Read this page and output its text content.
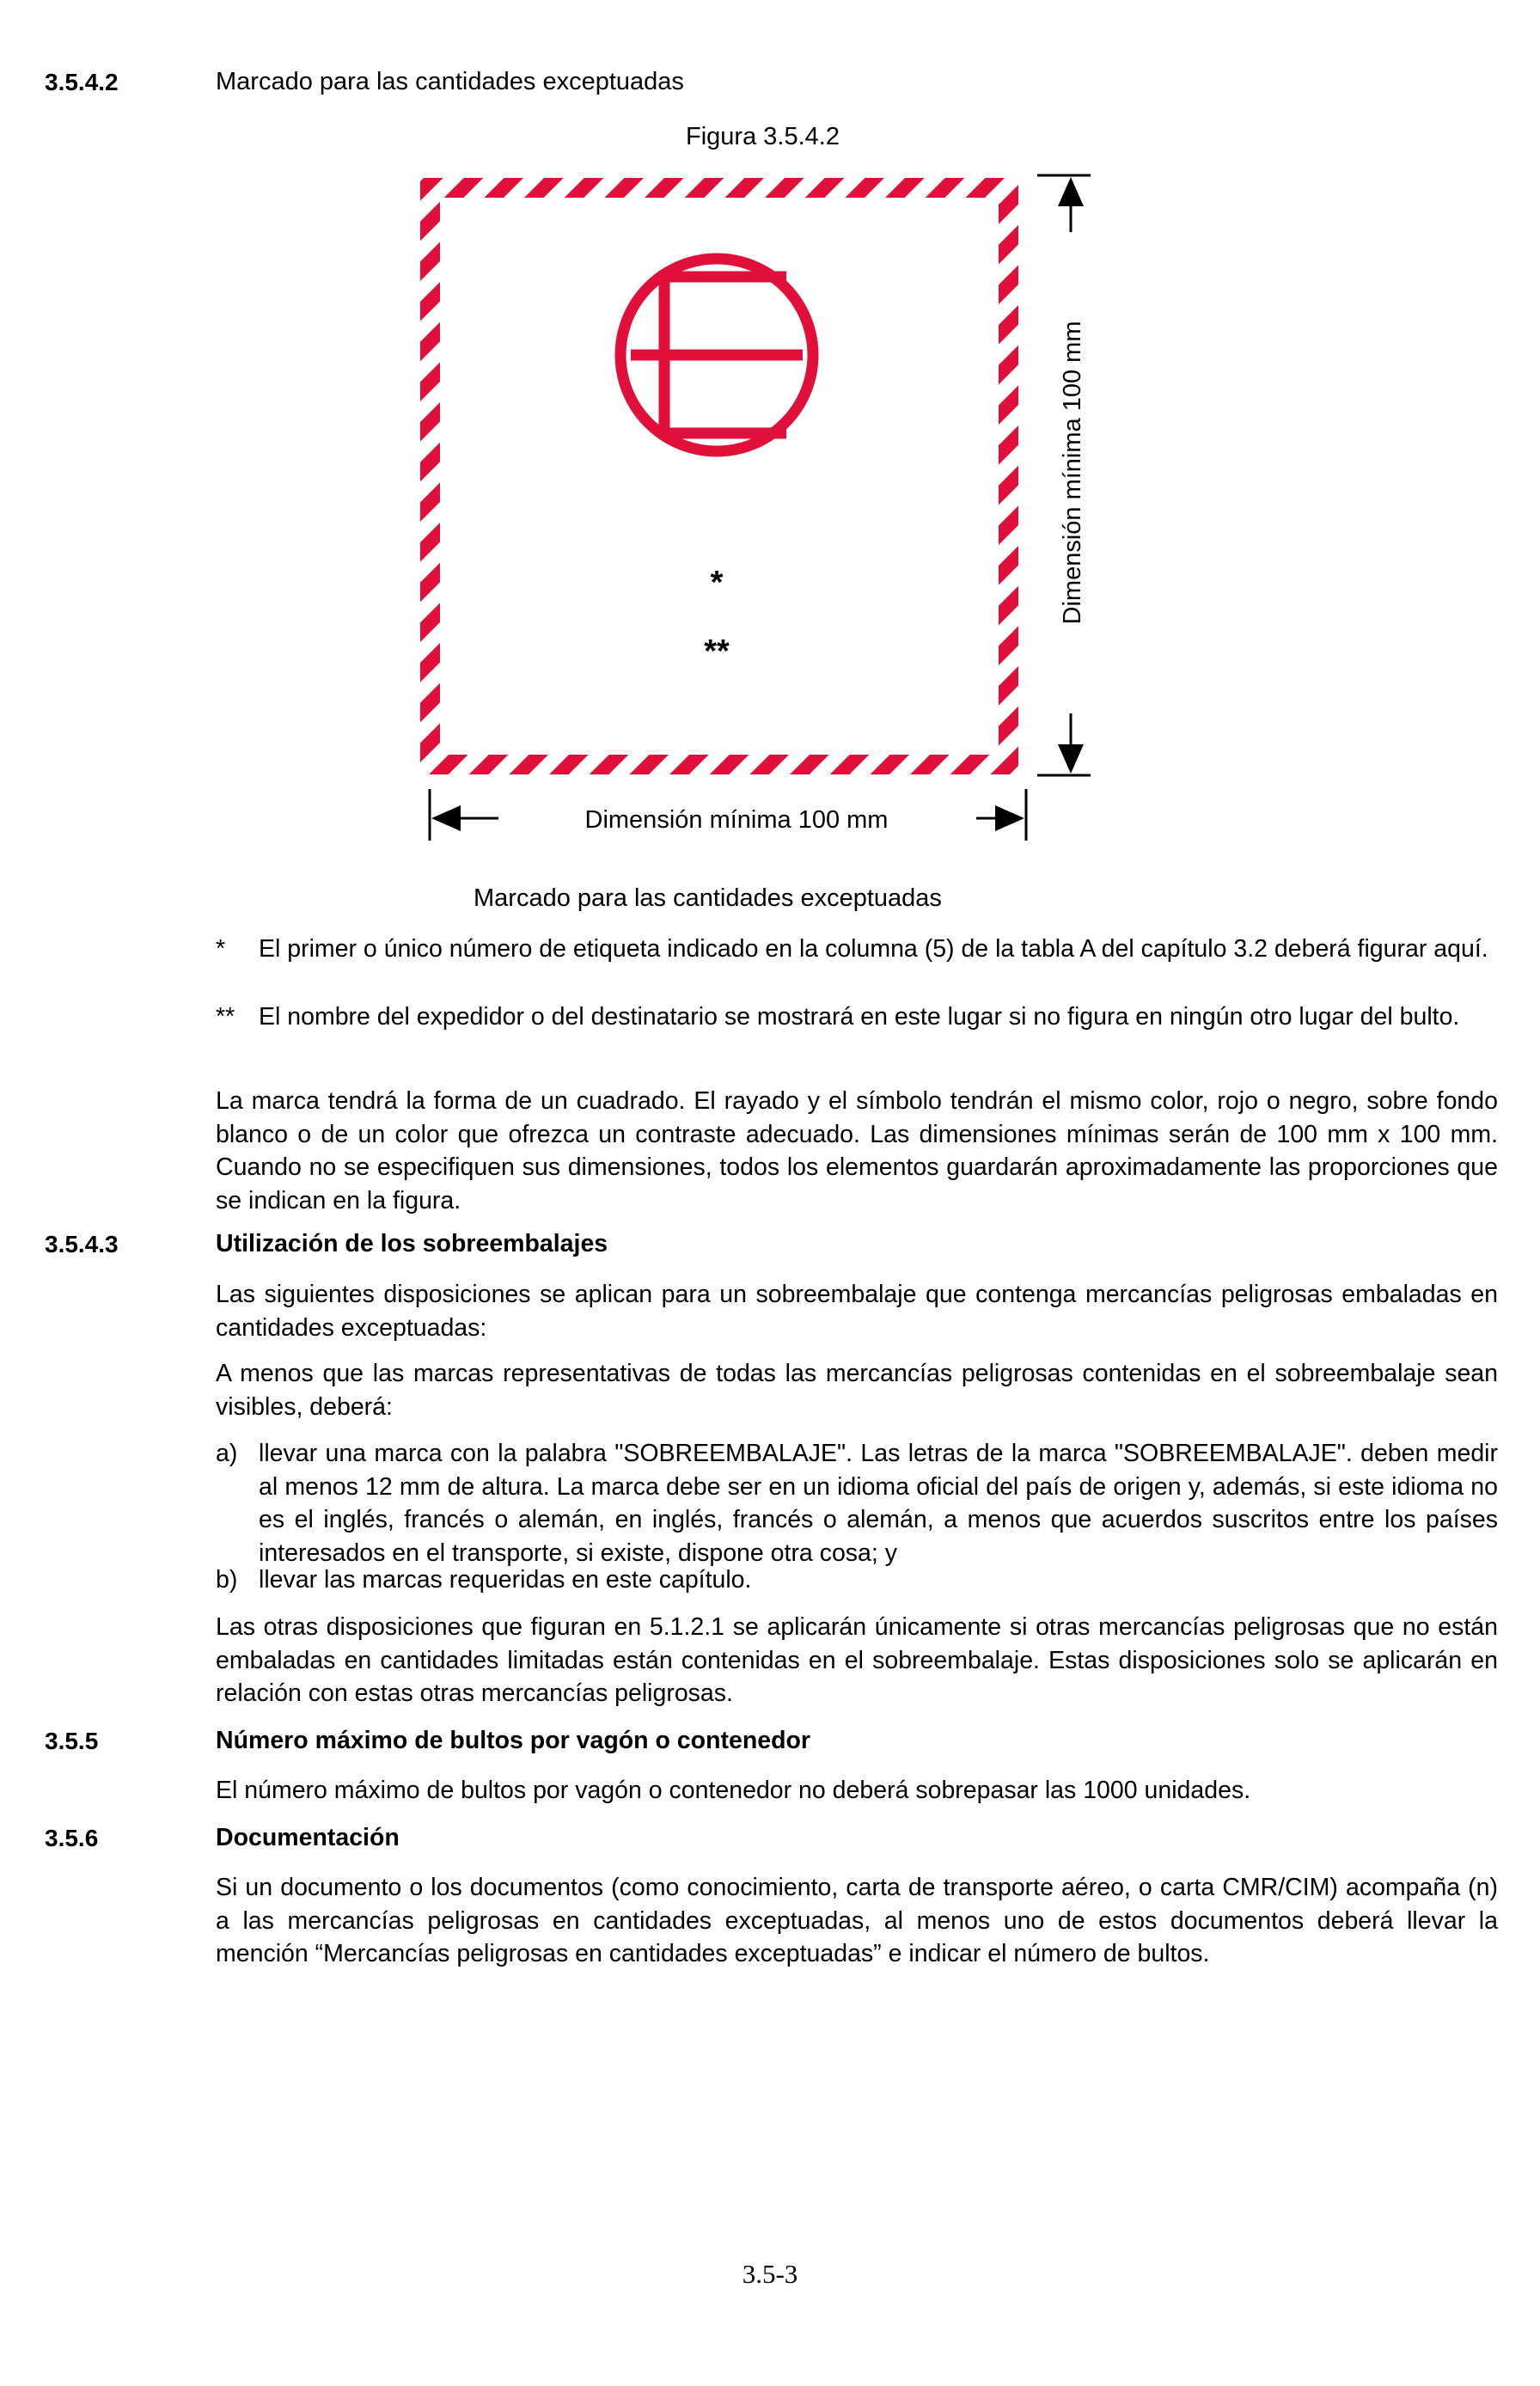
3.5.4.2	Marcado para las cantidades exceptuadas
Figura 3.5.4.2
Dimensión mínima 100 mm
Dimensión mínima 100 mm
*
**
Marcado para las cantidades exceptuadas
* El primer o único número de etiqueta indicado en la columna (5) de la tabla A del capítulo 3.2 deberá figurar aquí.
** El nombre del expedidor o del destinatario se mostrará en este lugar si no figura en ningún otro lugar del bulto.
La marca tendrá la forma de un cuadrado. El rayado y el símbolo tendrán el mismo color, rojo o negro, sobre fondo blanco o de un color que ofrezca un contraste adecuado. Las dimensiones mínimas serán de 100 mm x 100 mm. Cuando no se especifiquen sus dimensiones, todos los elementos guardarán aproximadamente las proporciones que se indican en la figura.
3.5.4.3	Utilización de los sobreembalajes
Las siguientes disposiciones se aplican para un sobreembalaje que contenga mercancías peligrosas embaladas en cantidades exceptuadas:
A menos que las marcas representativas de todas las mercancías peligrosas contenidas en el sobreembalaje sean visibles, deberá:
a) llevar una marca con la palabra "SOBREEMBALAJE". Las letras de la marca "SOBREEMBALAJE". deben medir al menos 12 mm de altura. La marca debe ser en un idioma oficial del país de origen y, además, si este idioma no es el inglés, francés o alemán, en inglés, francés o alemán, a menos que acuerdos suscritos entre los países interesados en el transporte, si existe, dispone otra cosa; y
b) llevar las marcas requeridas en este capítulo.
Las otras disposiciones que figuran en 5.1.2.1 se aplicarán únicamente si otras mercancías peligrosas que no están embaladas en cantidades limitadas están contenidas en el sobreembalaje. Estas disposiciones solo se aplicarán en relación con estas otras mercancías peligrosas.
3.5.5	Número máximo de bultos por vagón o contenedor
El número máximo de bultos por vagón o contenedor no deberá sobrepasar las 1000 unidades.
3.5.6	Documentación
Si un documento o los documentos (como conocimiento, carta de transporte aéreo, o carta CMR/CIM) acompaña (n) a las mercancías peligrosas en cantidades exceptuadas, al menos uno de estos documentos deberá llevar la mención “Mercancías peligrosas en cantidades exceptuadas” e indicar el número de bultos.
3.5-3
